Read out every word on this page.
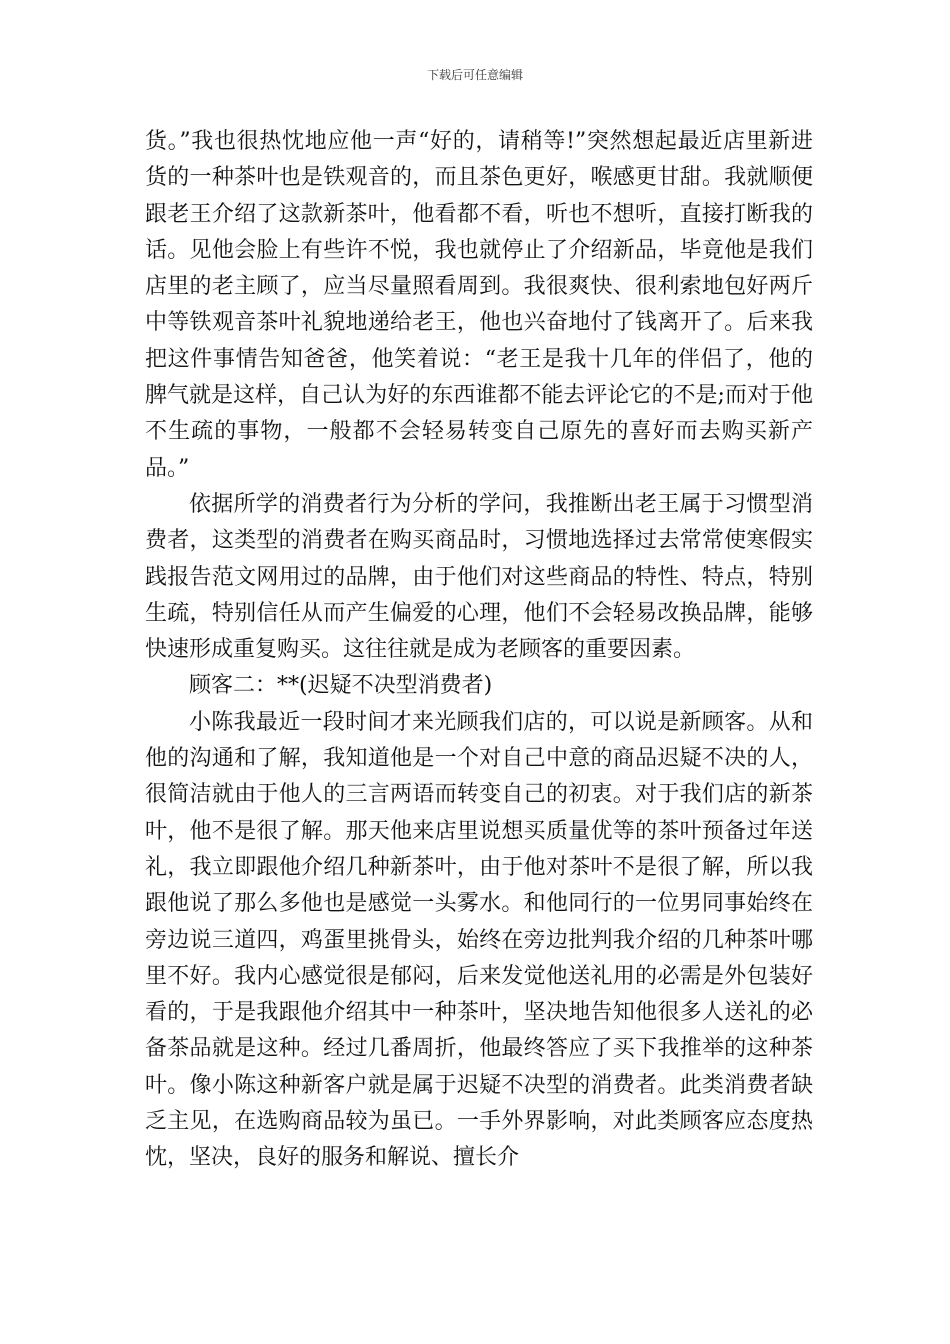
下载后可任意编辑

货。”我也很热忱地应他一声“好的，请稍等!”突然想起最近店里新进货的一种茶叶也是铁观音的，而且茶色更好，喉感更甘甜。我就顺便跟老王介绍了这款新茶叶，他看都不看，听也不想听，直接打断我的话。见他会脸上有些许不悦，我也就停止了介绍新品，毕竟他是我们店里的老主顾了，应当尽量照看周到。我很爽快、很利索地包好两斤中等铁观音茶叶礼貌地递给老王，他也兴奋地付了钱离开了。后来我把这件事情告知爸爸，他笑着说：“老王是我十几年的伴侣了，他的脾气就是这样，自己认为好的东西谁都不能去评论它的不是;而对于他不生疏的事物，一般都不会轻易转变自己原先的喜好而去购买新产品。”

依据所学的消费者行为分析的学问，我推断出老王属于习惯型消费者，这类型的消费者在购买商品时，习惯地选择过去常常使寒假实践报告范文网用过的品牌，由于他们对这些商品的特性、特点，特别生疏，特别信任从而产生偏爱的心理，他们不会轻易改换品牌，能够快速形成重复购买。这往往就是成为老顾客的重要因素。

顾客二：**(迟疑不决型消费者)

小陈我最近一段时间才来光顾我们店的，可以说是新顾客。从和他的沟通和了解，我知道他是一个对自己中意的商品迟疑不决的人，很简洁就由于他人的三言两语而转变自己的初衷。对于我们店的新茶叶，他不是很了解。那天他来店里说想买质量优等的茶叶预备过年送礼，我立即跟他介绍几种新茶叶，由于他对茶叶不是很了解，所以我跟他说了那么多他也是感觉一头雾水。和他同行的一位男同事始终在旁边说三道四，鸡蛋里挑骨头，始终在旁边批判我介绍的几种茶叶哪里不好。我内心感觉很是郁闷，后来发觉他送礼用的必需是外包装好看的，于是我跟他介绍其中一种茶叶，坚决地告知他很多人送礼的必备茶品就是这种。经过几番周折，他最终答应了买下我推举的这种茶叶。像小陈这种新客户就是属于迟疑不决型的消费者。此类消费者缺乏主见，在选购商品较为虽已。一手外界影响，对此类顾客应态度热忱，坚决，良好的服务和解说、擅长介
